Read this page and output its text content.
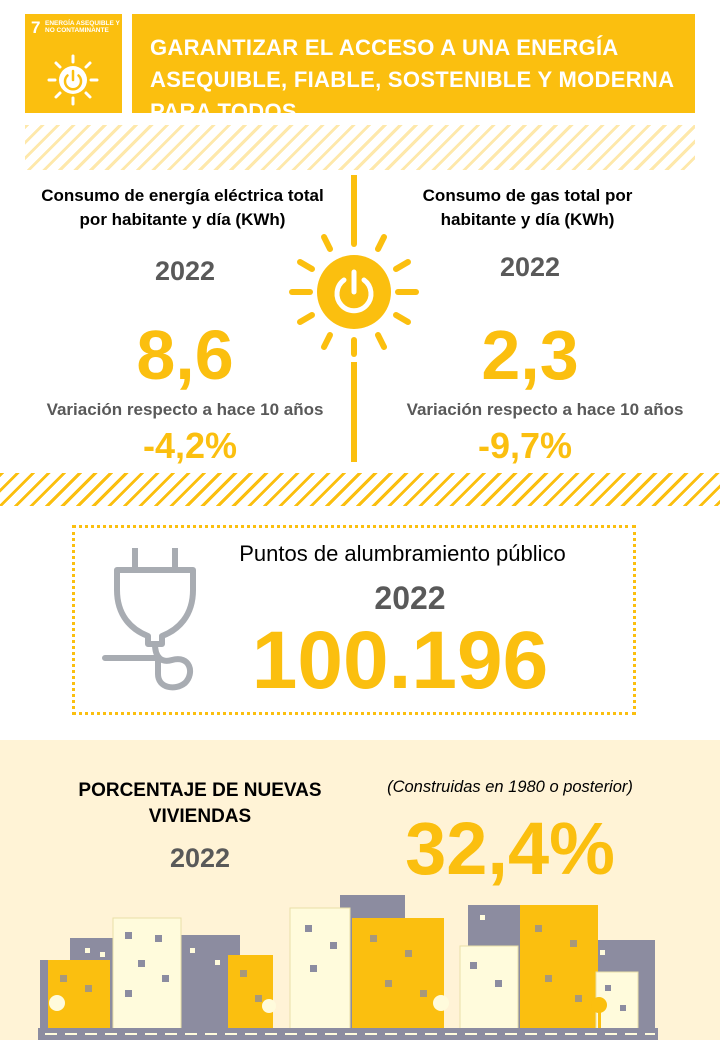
7 ENERGÍA ASEQUIBLE Y NO CONTAMINANTE
GARANTIZAR EL ACCESO A UNA ENERGÍA ASEQUIBLE, FIABLE, SOSTENIBLE Y MODERNA PARA TODOS
Consumo de energía eléctrica total por habitante y día (KWh)
2022
8,6
Variación respecto a hace 10 años
-4,2%
Consumo de gas total por habitante y día (KWh)
2022
2,3
Variación respecto a hace 10 años
-9,7%
Puntos de alumbramiento público
2022
100.196
PORCENTAJE DE NUEVAS VIVIENDAS
2022
(Construidas en 1980 o posterior)
32,4%
